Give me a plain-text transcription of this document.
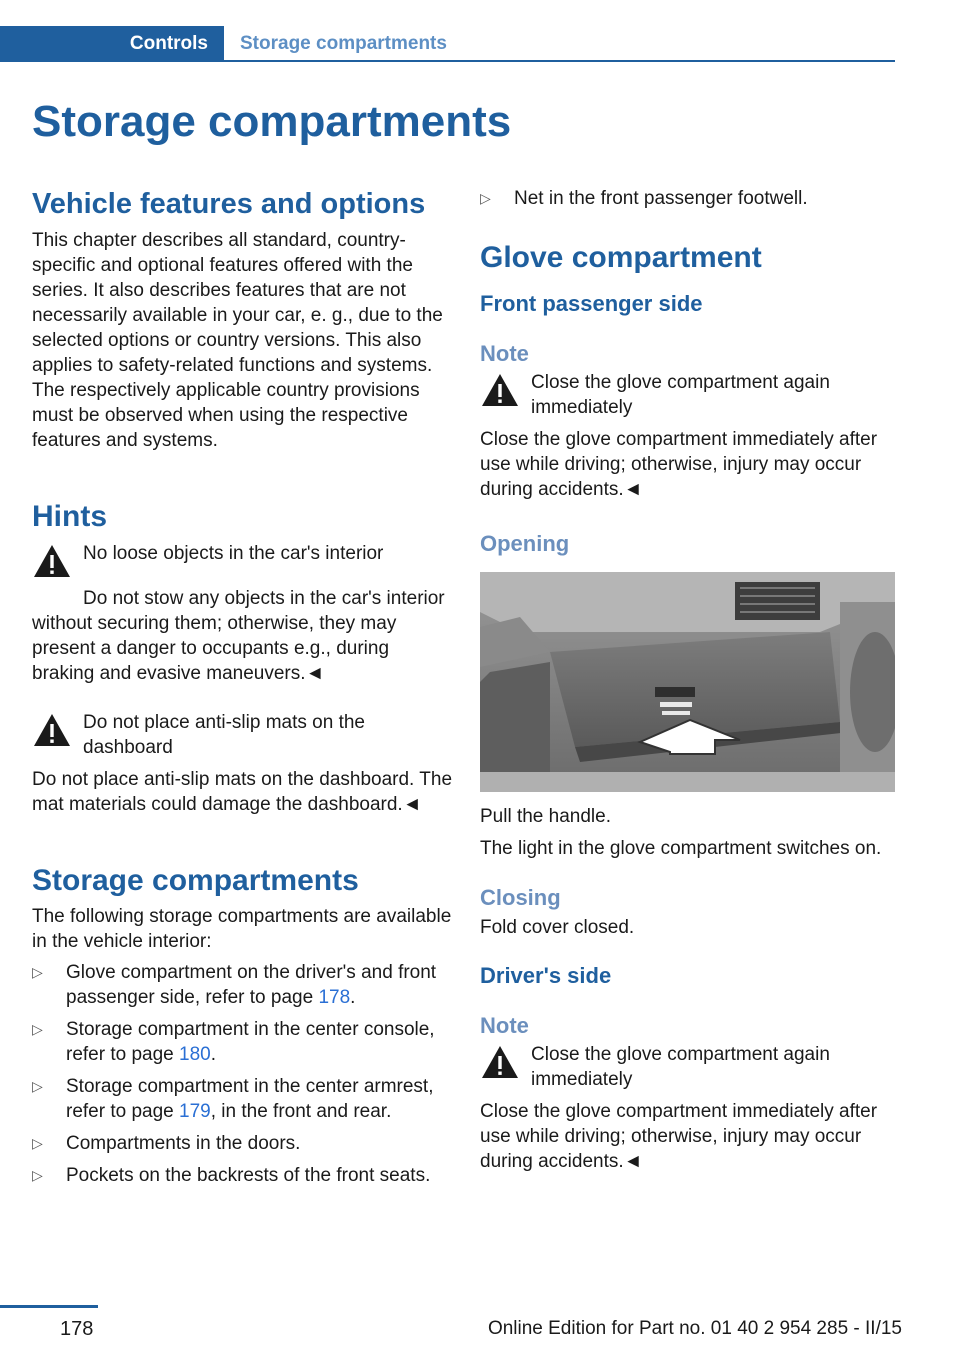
Controls	Storage compartments
Storage compartments

Vehicle features and options

This chapter describes all standard, country-specific and optional features offered with the series. It also describes features that are not necessarily available in your car, e. g., due to the selected options or country versions. This also applies to safety-related functions and systems. The respectively applicable country provisions must be observed when using the respective features and systems.

Hints

No loose objects in the car's interior

Do not stow any objects in the car's interior without securing them; otherwise, they may present a danger to occupants e.g., during braking and evasive maneuvers.◄

Do not place anti-slip mats on the dashboard

Do not place anti-slip mats on the dashboard. The mat materials could damage the dashboard.◄

Storage compartments

The following storage compartments are available in the vehicle interior:

▷	Glove compartment on the driver's and front passenger side, refer to page 178.
▷	Storage compartment in the center console, refer to page 180.
▷	Storage compartment in the center armrest, refer to page 179, in the front and rear.
▷	Compartments in the doors.
▷	Pockets on the backrests of the front seats.
▷	Net in the front passenger footwell.

Glove compartment

Front passenger side

Note

Close the glove compartment again immediately

Close the glove compartment immediately after use while driving; otherwise, injury may occur during accidents.◄

Opening

Pull the handle.

The light in the glove compartment switches on.

Closing

Fold cover closed.

Driver's side

Note

Close the glove compartment again immediately

Close the glove compartment immediately after use while driving; otherwise, injury may occur during accidents.◄

178	Online Edition for Part no. 01 40 2 954 285 - II/15
